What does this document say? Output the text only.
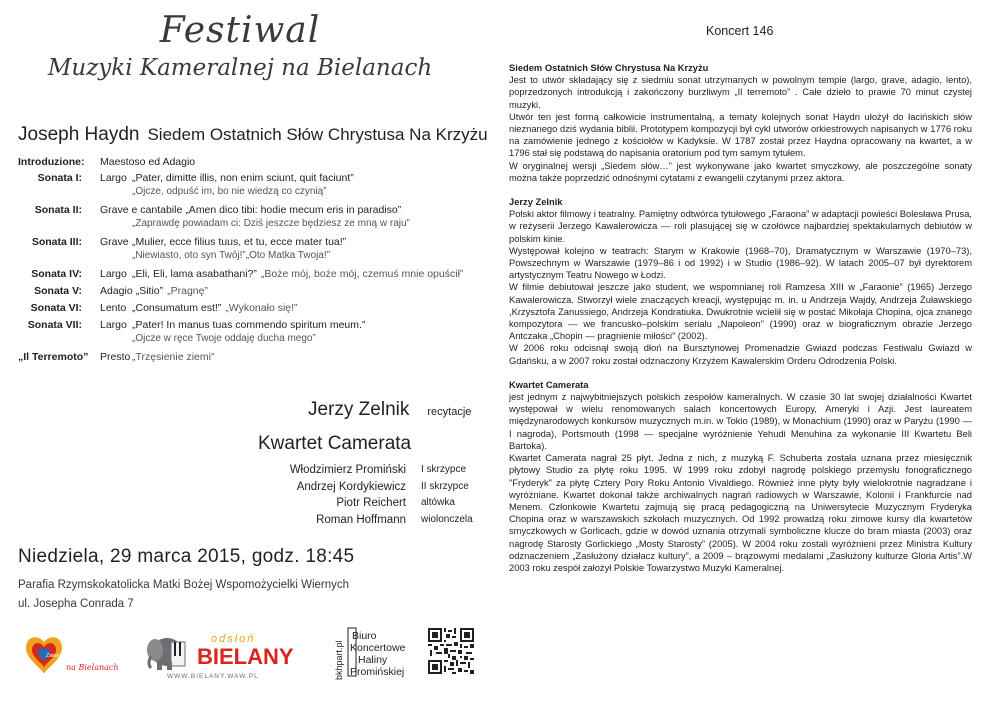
Festiwal
Muzyki Kameralnej na Bielanach
Joseph Haydn Siedem Ostatnich Słów Chrystusa Na Krzyżu
Introduzione: Maestoso ed Adagio
Sonata I: Largo „Pater, dimitte illis, non enim sciunt, quit faciunt”
„Ojcze, odpuść im, bo nie wiedzą co czynią”
Sonata II: Grave e cantabile „Amen dico tibi: hodie mecum eris in paradiso”
„Zaprawdę powiadam ci: Dziś jeszcze będziesz ze mną w raju”
Sonata III: Grave „Mulier, ecce filius tuus, et tu, ecce mater tua!”
„Niewiasto, oto syn Twój!”„Oto Matka Twoja!”
Sonata IV: Largo „Eli, Eli, lama asabathani?” „Boże mój, boże mój, czemuś mnie opuścił”
Sonata V: Adagio „Sitio” „Pragnę”
Sonata VI: Lento „Consumatum est!” „Wykonało się!”
Sonata VII: Largo „Pater! In manus tuas commendo spiritum meum.”
„Ojcze w ręce Twoje oddaję ducha mego”
„Il Terremoto” Presto „Trzęsienie ziemi”
Jerzy Zelnik recytacje
Kwartet Camerata
Włodzimierz Promiński I skrzypce
Andrzej Kordykiewicz II skrzypce
Piotr Reichert altówka
Roman Hoffmann wiolonczela
Niedziela, 29 marca 2015, godz. 18:45
Parafia Rzymskokatolicka Matki Bożej Wspomożycielki Wiernych
ul. Josepha Conrada 7
Zakochaj się w Warszawie
na Bielanach
odsłoń
BIELANY
WWW.BIELANY.WAW.PL	bkhpart.pl
Biuro
Koncertowe
Haliny
Promińskiej
Koncert 146
Siedem Ostatnich Słów Chrystusa Na Krzyżu

Jest to utwór składający się z siedmiu sonat utrzymanych w powolnym tempie (largo, grave, adagio, lento), poprzedzonych introdukcją i zakończony burzliwym „Il terremoto” . Całe dzieło to prawie 70 minut czystej muzyki.

Utwór ten jest formą całkowicie instrumentalną, a tematy kolejnych sonat Haydn ułożył do łacińskich słów nieznanego dziś wydania biblii. Prototypem kompozycji był cykl utworów orkiestrowych napisanych w 1776 roku na zamówienie jednego z kościołów w Kadyksie. W 1787 został przez Haydna opracowany na kwartet, a w 1796 stał się podstawą do napisania oratorium pod tym samym tytułem.

W oryginalnej wersji „Siedem słów…” jest wykonywane jako kwartet smyczkowy, ale poszczególne sonaty można także poprzedzić odnośnymi cytatami z ewangelii czytanymi przez aktora.

Jerzy Zelnik

Polski aktor filmowy i teatralny. Pamiętny odtwórca tytułowego „Faraona” w adaptacji powieści Bolesława Prusa, w reżyserii Jerzego Kawalerowicza — roli plasującej się w czołówce najbardziej spektakularnych debiutów w polskim kinie.

Występował kolejno w teatrach: Starym w Krakowie (1968–70), Dramatycznym w Warszawie (1970–73), Powszechnym w Warszawie (1979–86 i od 1992) i w Studio (1986–92). W latach 2005–07 był dyrektorem artystycznym Teatru Nowego w Łodzi.

W filmie debiutował jeszcze jako student, we wspomnianej roli Ramzesa XIII w „Faraonie” (1965) Jerzego Kawalerowicza. Stworzył wiele znaczących kreacji, występując m. in. u Andrzeja Wajdy, Andrzeja Żuławskiego ,Krzysztofa Zanussiego, Andrzeja Kondratiuka. Dwukrotnie wcielił się w postać Mikołaja Chopina, ojca znanego kompozytora — we francusko–polskim serialu „Napoleon” (1990) oraz w biograficznym obrazie Jerzego Antczaka „Chopin — pragnienie miłości” (2002).

W 2006 roku odcisnął swoją dłoń na Bursztynowej Promenadzie Gwiazd podczas Festiwalu Gwiazd w Gdańsku, a w 2007 roku został odznaczony Krzyżem Kawalerskim Orderu Odrodzenia Polski.

Kwartet Camerata

jest jednym z najwybitniejszych polskich zespołów kameralnych. W czasie 30 lat swojej działalności Kwartet występował w wielu renomowanych salach koncertowych Europy, Ameryki i Azji. Jest laureatem międzynarodowych konkursów muzycznych m.in. w Tokio (1989), w Monachium (1990) oraz w Paryżu (1990 — I nagroda), Portsmouth (1998 — specjalne wyróżnienie Yehudi Menuhina za wykonanie III Kwartetu Beli Bartoka).

Kwartet Camerata nagrał 25 płyt. Jedna z nich, z muzyką F. Schuberta została uznana przez miesięcznik płytowy Studio za płytę roku 1995. W 1999 roku zdobył nagrodę polskiego przemysłu fonograficznego "Fryderyk" za płytę Cztery Pory Roku Antonio Vivaldiego. Również inne płyty były wielokrotnie nagradzane i wyróżniane. Kwartet dokonał także archiwalnych nagrań radiowych w Warszawie, Kolonii i Frankfurcie nad Menem. Członkowie Kwartetu zajmują się pracą pedagogiczną na Uniwersytecie Muzycznym Fryderyka Chopina oraz w warszawskich szkołach muzycznych. Od 1992 prowadzą roku zimowe kursy dla kwartetów smyczkowych w Gorlicach, gdzie w dowód uznania otrzymali symboliczne klucze do bram miasta (2003) oraz nagrodę Starosty Gorlickiego „Mosty Starosty” (2005). W 2004 roku zostali wyróżnieni przez Ministra Kultury odznaczeniem „Zasłużony działacz kultury”, a 2009 – brązowymi medalami „Zasłużony kulturze Gloria Artis”.W 2003 roku zespół założył Polskie Towarzystwo Muzyki Kameralnej.
